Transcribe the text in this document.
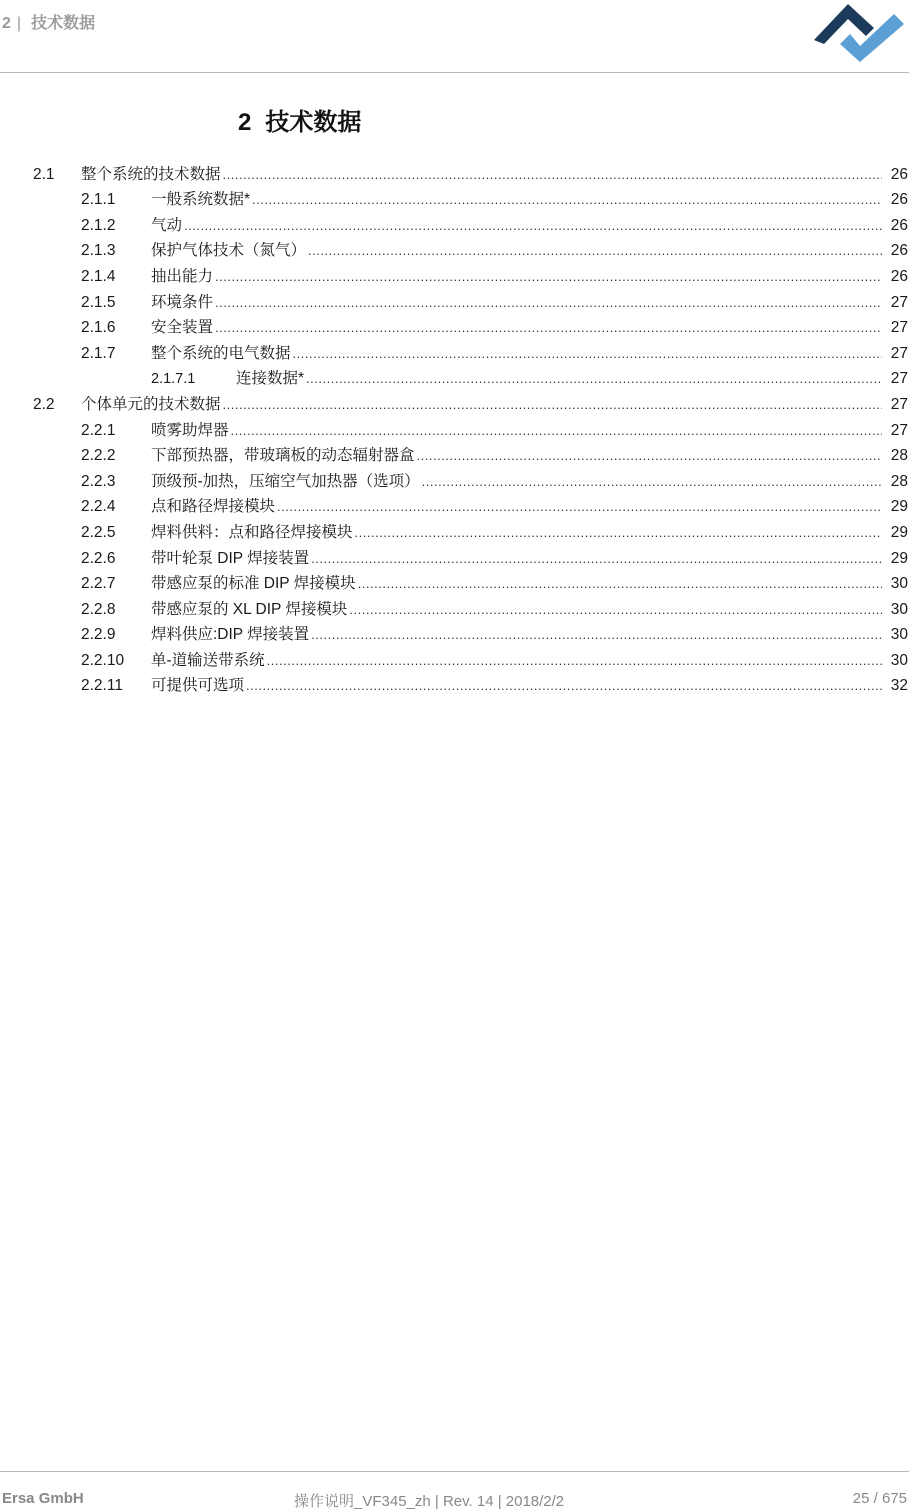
2 | 技术数据
2 技术数据
2.1	整个系统的技术数据 .....	26
2.1.1	一般系统数据* .....	26
2.1.2	气动 .....	26
2.1.3	保护气体技术（氮气） .....	26
2.1.4	抽出能力 .....	26
2.1.5	环境条件 .....	27
2.1.6	安全装置 .....	27
2.1.7	整个系统的电气数据 .....	27
2.1.7.1	连接数据* .....	27
2.2	个体单元的技术数据 .....	27
2.2.1	喷雾助焊器 .....	27
2.2.2	下部预热器，带玻璃板的动态辐射器盒 .....	28
2.2.3	顶级预-加热，压缩空气加热器（选项） .....	28
2.2.4	点和路径焊接模块 .....	29
2.2.5	焊料供料：点和路径焊接模块 .....	29
2.2.6	带叶轮泵 DIP 焊接装置 .....	29
2.2.7	带感应泵的标准 DIP 焊接模块 .....	30
2.2.8	带感应泵的 XL DIP 焊接模块 .....	30
2.2.9	焊料供应:DIP 焊接装置 .....	30
2.2.10	单-道输送带系统 .....	30
2.2.11	可提供可选项 .....	32
Ersa GmbH	操作说明_VF345_zh | Rev. 14 | 2018/2/2	25 / 675
